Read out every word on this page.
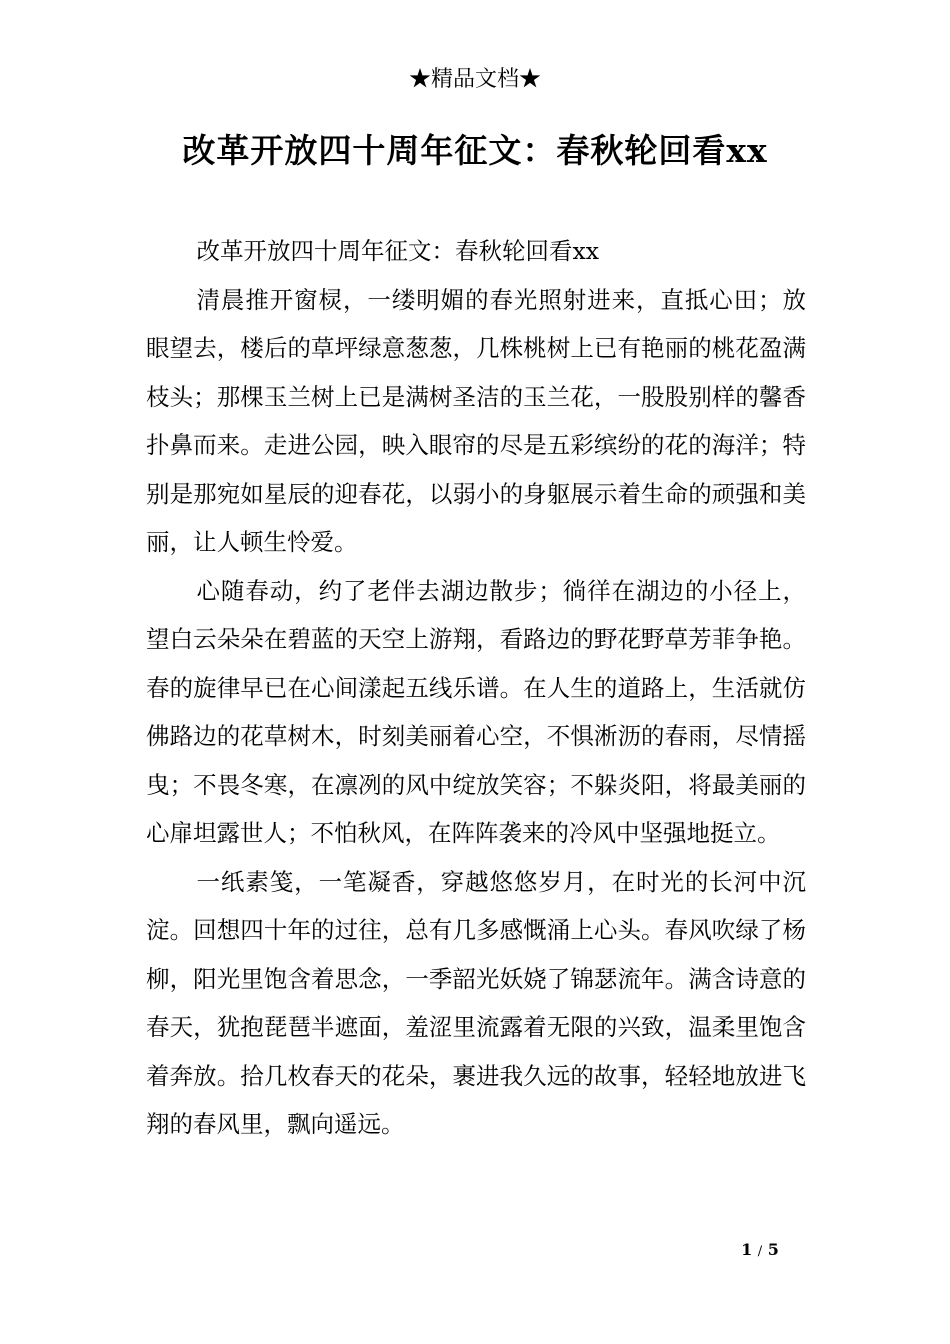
★精品文档★
改革开放四十周年征文：春秋轮回看xx

改革开放四十周年征文：春秋轮回看xx

清晨推开窗棂，一缕明媚的春光照射进来，直抵心田；放眼望去，楼后的草坪绿意葱葱，几株桃树上已有艳丽的桃花盈满枝头；那棵玉兰树上已是满树圣洁的玉兰花，一股股别样的馨香扑鼻而来。走进公园，映入眼帘的尽是五彩缤纷的花的海洋；特别是那宛如星辰的迎春花，以弱小的身躯展示着生命的顽强和美丽，让人顿生怜爱。

心随春动，约了老伴去湖边散步；徜徉在湖边的小径上，望白云朵朵在碧蓝的天空上游翔，看路边的野花野草芳菲争艳。春的旋律早已在心间漾起五线乐谱。在人生的道路上，生活就仿佛路边的花草树木，时刻美丽着心空，不惧淅沥的春雨，尽情摇曳；不畏冬寒，在凛冽的风中绽放笑容；不躲炎阳，将最美丽的心扉坦露世人；不怕秋风，在阵阵袭来的冷风中坚强地挺立。

一纸素笺，一笔凝香，穿越悠悠岁月，在时光的长河中沉淀。回想四十年的过往，总有几多感慨涌上心头。春风吹绿了杨柳，阳光里饱含着思念，一季韶光妖娆了锦瑟流年。满含诗意的春天，犹抱琵琶半遮面，羞涩里流露着无限的兴致，温柔里饱含着奔放。拾几枚春天的花朵，裹进我久远的故事，轻轻地放进飞翔的春风里，飘向遥远。

1 / 5
